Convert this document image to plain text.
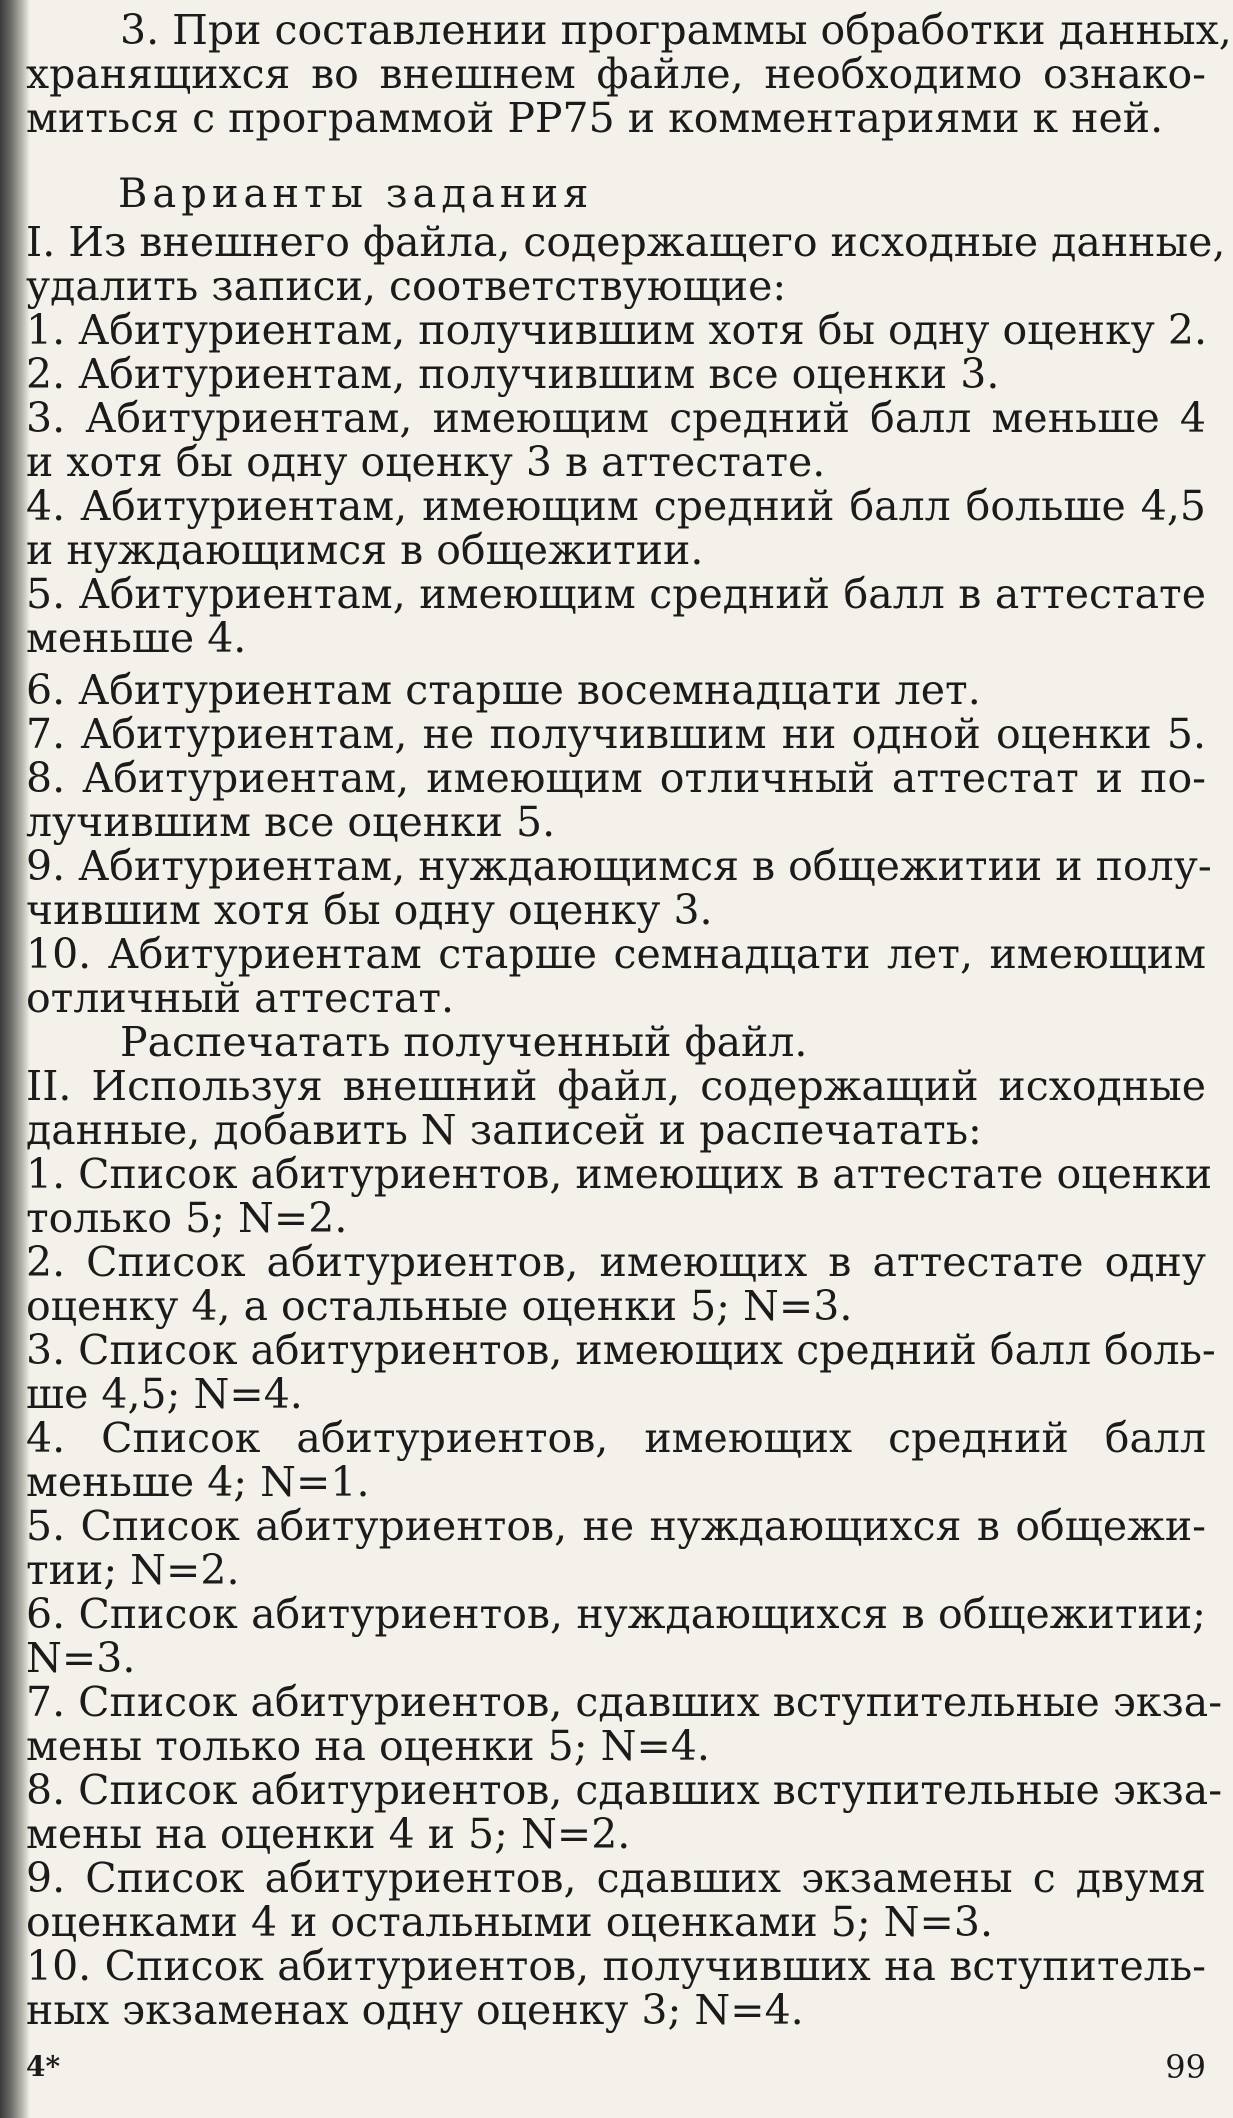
3. При составлении программы обработки данных,
хранящихся во внешнем файле, необходимо ознако-
миться с программой РР75 и комментариями к ней.
Варианты задания
I. Из внешнего файла, содержащего исходные данные,
удалить записи, соответствующие:
1. Абитуриентам, получившим хотя бы одну оценку 2.
2. Абитуриентам, получившим все оценки 3.
3. Абитуриентам, имеющим средний балл меньше 4
и хотя бы одну оценку 3 в аттестате.
4. Абитуриентам, имеющим средний балл больше 4,5
и нуждающимся в общежитии.
5. Абитуриентам, имеющим средний балл в аттестате
меньше 4.
6. Абитуриентам старше восемнадцати лет.
7. Абитуриентам, не получившим ни одной оценки 5.
8. Абитуриентам, имеющим отличный аттестат и по-
лучившим все оценки 5.
9. Абитуриентам, нуждающимся в общежитии и полу-
чившим хотя бы одну оценку 3.
10. Абитуриентам старше семнадцати лет, имеющим
отличный аттестат.
Распечатать полученный файл.
II. Используя внешний файл, содержащий исходные
данные, добавить N записей и распечатать:
1. Список абитуриентов, имеющих в аттестате оценки
только 5; N=2.
2. Список абитуриентов, имеющих в аттестате одну
оценку 4, а остальные оценки 5; N=3.
3. Список абитуриентов, имеющих средний балл боль-
ше 4,5; N=4.
4. Список абитуриентов, имеющих средний балл
меньше 4; N=1.
5. Список абитуриентов, не нуждающихся в общежи-
тии; N=2.
6. Список абитуриентов, нуждающихся в общежитии;
N=3.
7. Список абитуриентов, сдавших вступительные экза-
мены только на оценки 5; N=4.
8. Список абитуриентов, сдавших вступительные экза-
мены на оценки 4 и 5; N=2.
9. Список абитуриентов, сдавших экзамены с двумя
оценками 4 и остальными оценками 5; N=3.
10. Список абитуриентов, получивших на вступитель-
ных экзаменах одну оценку 3; N=4.
4*	99
